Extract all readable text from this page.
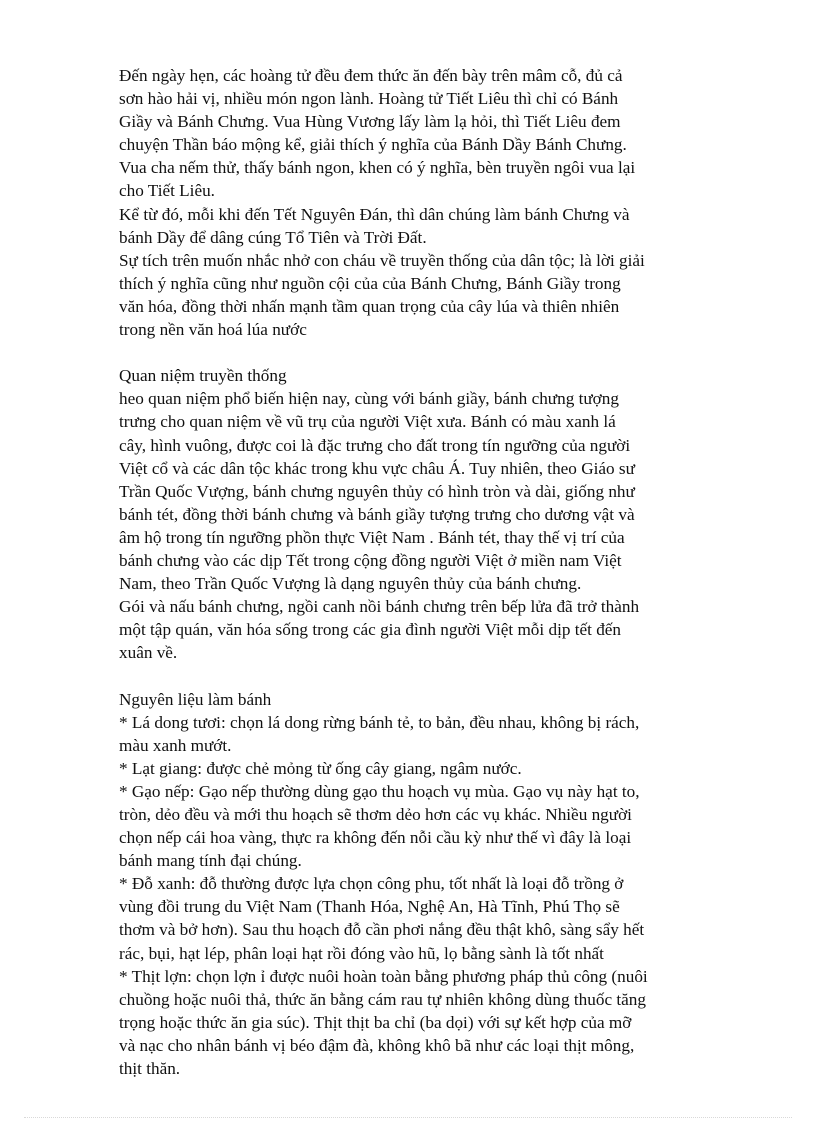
Đến ngày hẹn, các hoàng tử đều đem thức ăn đến bày trên mâm cỗ, đủ cả
sơn hào hải vị, nhiều món ngon lành. Hoàng tử Tiết Liêu thì chỉ có Bánh
Giầy và Bánh Chưng. Vua Hùng Vương lấy làm lạ hỏi, thì Tiết Liêu đem
chuyện Thần báo mộng kể, giải thích ý nghĩa của Bánh Dầy Bánh Chưng.
Vua cha nếm thử, thấy bánh ngon, khen có ý nghĩa, bèn truyền ngôi vua lại
cho Tiết Liêu.
Kể từ đó, mỗi khi đến Tết Nguyên Đán, thì dân chúng làm bánh Chưng và
bánh Dầy để dâng cúng Tổ Tiên và Trời Đất.
Sự tích trên muốn nhắc nhở con cháu về truyền thống của dân tộc; là lời giải
thích ý nghĩa cũng như nguồn cội của của Bánh Chưng, Bánh Giầy trong
văn hóa, đồng thời nhấn mạnh tầm quan trọng của cây lúa và thiên nhiên
trong nền văn hoá lúa nước
Quan niệm truyền thống
heo quan niệm phổ biến hiện nay, cùng với bánh giầy, bánh chưng tượng
trưng cho quan niệm về vũ trụ của người Việt xưa. Bánh có màu xanh lá
cây, hình vuông, được coi là đặc trưng cho đất trong tín ngưỡng của người
Việt cổ và các dân tộc khác trong khu vực châu Á. Tuy nhiên, theo Giáo sư
Trần Quốc Vượng, bánh chưng nguyên thủy có hình tròn và dài, giống như
bánh tét, đồng thời bánh chưng và bánh giầy tượng trưng cho dương vật và
âm hộ trong tín ngưỡng phồn thực Việt Nam . Bánh tét, thay thế vị trí của
bánh chưng vào các dịp Tết trong cộng đồng người Việt ở miền nam Việt
Nam, theo Trần Quốc Vượng là dạng nguyên thủy của bánh chưng.
Gói và nấu bánh chưng, ngồi canh nồi bánh chưng trên bếp lửa đã trở thành
một tập quán, văn hóa sống trong các gia đình người Việt mỗi dịp tết đến
xuân về.
Nguyên liệu làm bánh
* Lá dong tươi: chọn lá dong rừng bánh tẻ, to bản, đều nhau, không bị rách,
màu xanh mướt.
* Lạt giang: được chẻ mỏng từ ống cây giang, ngâm nước.
* Gạo nếp: Gạo nếp thường dùng gạo thu hoạch vụ mùa. Gạo vụ này hạt to,
tròn, dẻo đều và mới thu hoạch sẽ thơm dẻo hơn các vụ khác. Nhiều người
chọn nếp cái hoa vàng, thực ra không đến nỗi cầu kỳ như thế vì đây là loại
bánh mang tính đại chúng.
* Đỗ xanh: đỗ thường được lựa chọn công phu, tốt nhất là loại đỗ trồng ở
vùng đồi trung du Việt Nam (Thanh Hóa, Nghệ An, Hà Tĩnh, Phú Thọ sẽ
thơm và bở hơn). Sau thu hoạch đỗ cần phơi nắng đều thật khô, sàng sẩy hết
rác, bụi, hạt lép, phân loại hạt rồi đóng vào hũ, lọ bằng sành là tốt nhất
* Thịt lợn: chọn lợn ỉ được nuôi hoàn toàn bằng phương pháp thủ công (nuôi
chuồng hoặc nuôi thả, thức ăn bằng cám rau tự nhiên không dùng thuốc tăng
trọng hoặc thức ăn gia súc). Thịt thịt ba chỉ (ba dọi) với sự kết hợp của mỡ
và nạc cho nhân bánh vị béo đậm đà, không khô bã như các loại thịt mông,
thịt thăn.
